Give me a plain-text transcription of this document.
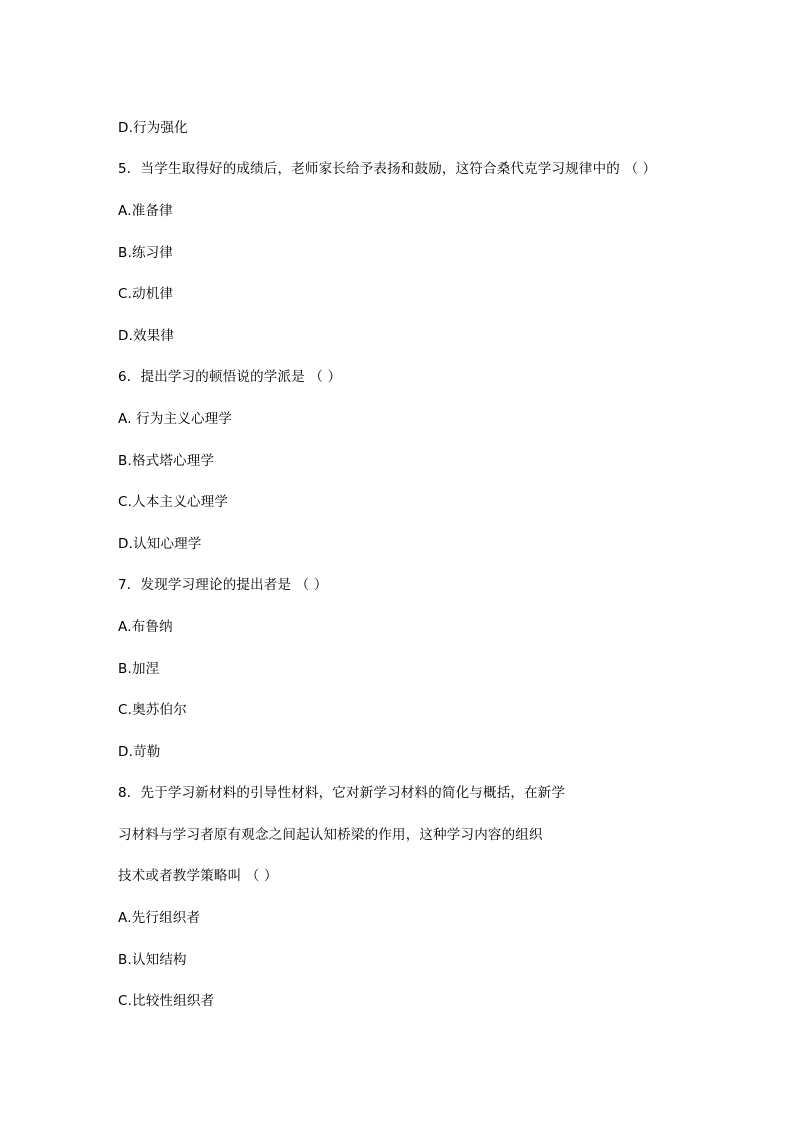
D.行为强化
5．当学生取得好的成绩后，老师家长给予表扬和鼓励，这符合桑代克学习规律中的 （ ）
A.准备律
B.练习律
C.动机律
D.效果律
6．提出学习的顿悟说的学派是 （ ）
A. 行为主义心理学
B.格式塔心理学
C.人本主义心理学
D.认知心理学
7．发现学习理论的提出者是 （ ）
A.布鲁纳
B.加涅
C.奥苏伯尔
D.苛勒
8．先于学习新材料的引导性材料，它对新学习材料的简化与概括，在新学
习材料与学习者原有观念之间起认知桥梁的作用，这种学习内容的组织
技术或者教学策略叫 （ ）
A.先行组织者
B.认知结构
C.比较性组织者
